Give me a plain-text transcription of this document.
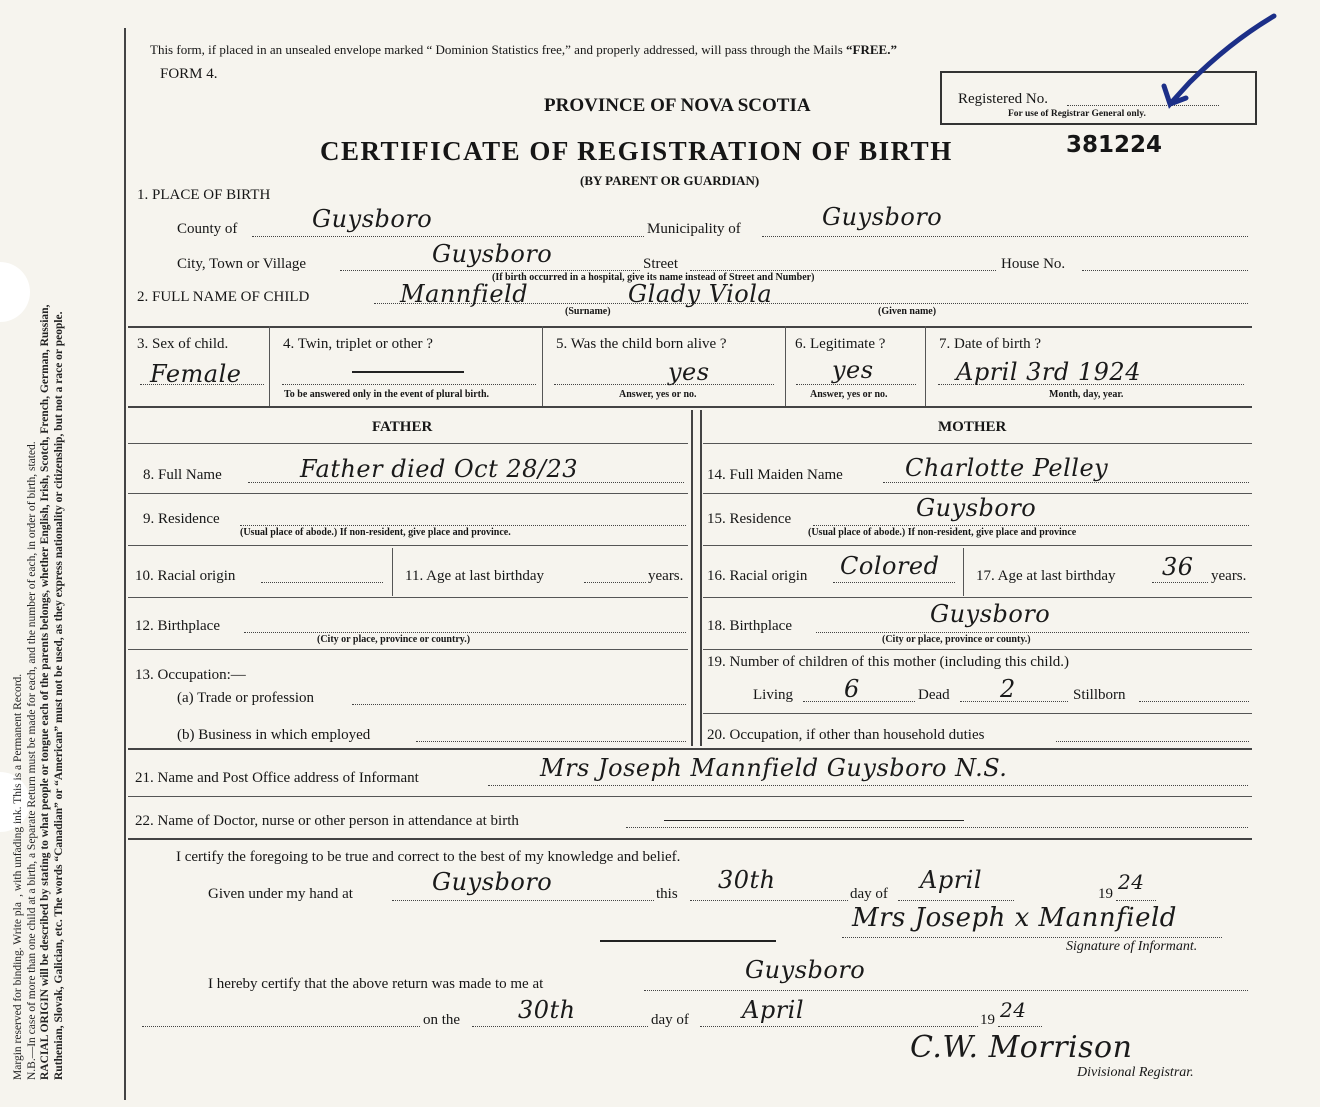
Margin reserved for binding. Write pla  , with unfading ink. This is a Permanent Record. N.B.—In case of more than one child at a birth, a Separate Return must be made for each, and the number of each, in order of birth, stated. RACIAL ORIGIN will be described by stating to what people or tongue each of the parents belongs, whether English, Irish, Scotch, French, German, Russian, Ruthenian, Slovak, Galician, etc. The words “Canadian” or “American” must not be used, as they express nationality or citizenship, but not a race or people.
This form, if placed in an unsealed envelope marked “ Dominion Statistics free,” and properly addressed, will pass through the Mails “FREE.”
FORM 4.
PROVINCE OF NOVA SCOTIA
CERTIFICATE OF REGISTRATION OF BIRTH	381224
(BY PARENT OR GUARDIAN)
Registered No.
For use of Registrar General only.
1. PLACE OF BIRTH
County of	Guysboro	Municipality of	Guysboro
City, Town or Village	Guysboro	Street
(If birth occurred in a hospital, give its name instead of Street and Number)
House No.
2. FULL NAME OF CHILD	Mannfield	Glady Viola
(Surname)	(Given name)
3. Sex of child.
Female
4. Twin, triplet or other ?
To be answered only in the event of plural birth.
5. Was the child born alive ?
yes
Answer, yes or no.
6. Legitimate ?
yes
Answer, yes or no.
7. Date of birth ?
April 3rd 1924
Month, day, year.
FATHER
8. Full Name	Father died Oct 28/23
9. Residence
(Usual place of abode.) If non-resident, give place and province.
10. Racial origin	11. Age at last birthday	years.
12. Birthplace
(City or place, province or country.)
13. Occupation:—
(a) Trade or profession
(b) Business in which employed
MOTHER
14. Full Maiden Name	Charlotte Pelley
15. Residence	Guysboro
(Usual place of abode.) If non-resident, give place and province
16. Racial origin Colored 17. Age at last birthday 36 years.
18. Birthplace	Guysboro
(City or place, province or county.)
19. Number of children of this mother (including this child.)
Living 6	Dead 2	Stillborn
20. Occupation, if other than household duties
21. Name and Post Office address of Informant	Mrs Joseph Mannfield Guysboro N.S.
22. Name of Doctor, nurse or other person in attendance at birth
I certify the foregoing to be true and correct to the best of my knowledge and belief.
Given under my hand at	Guysboro	this 30th	day of April	19 24
Mrs Joseph x Mannfield
Signature of Informant.
I hereby certify that the above return was made to me at	Guysboro
on the 30th	day of April	19 24
C.W. Morrison
Divisional Registrar.
